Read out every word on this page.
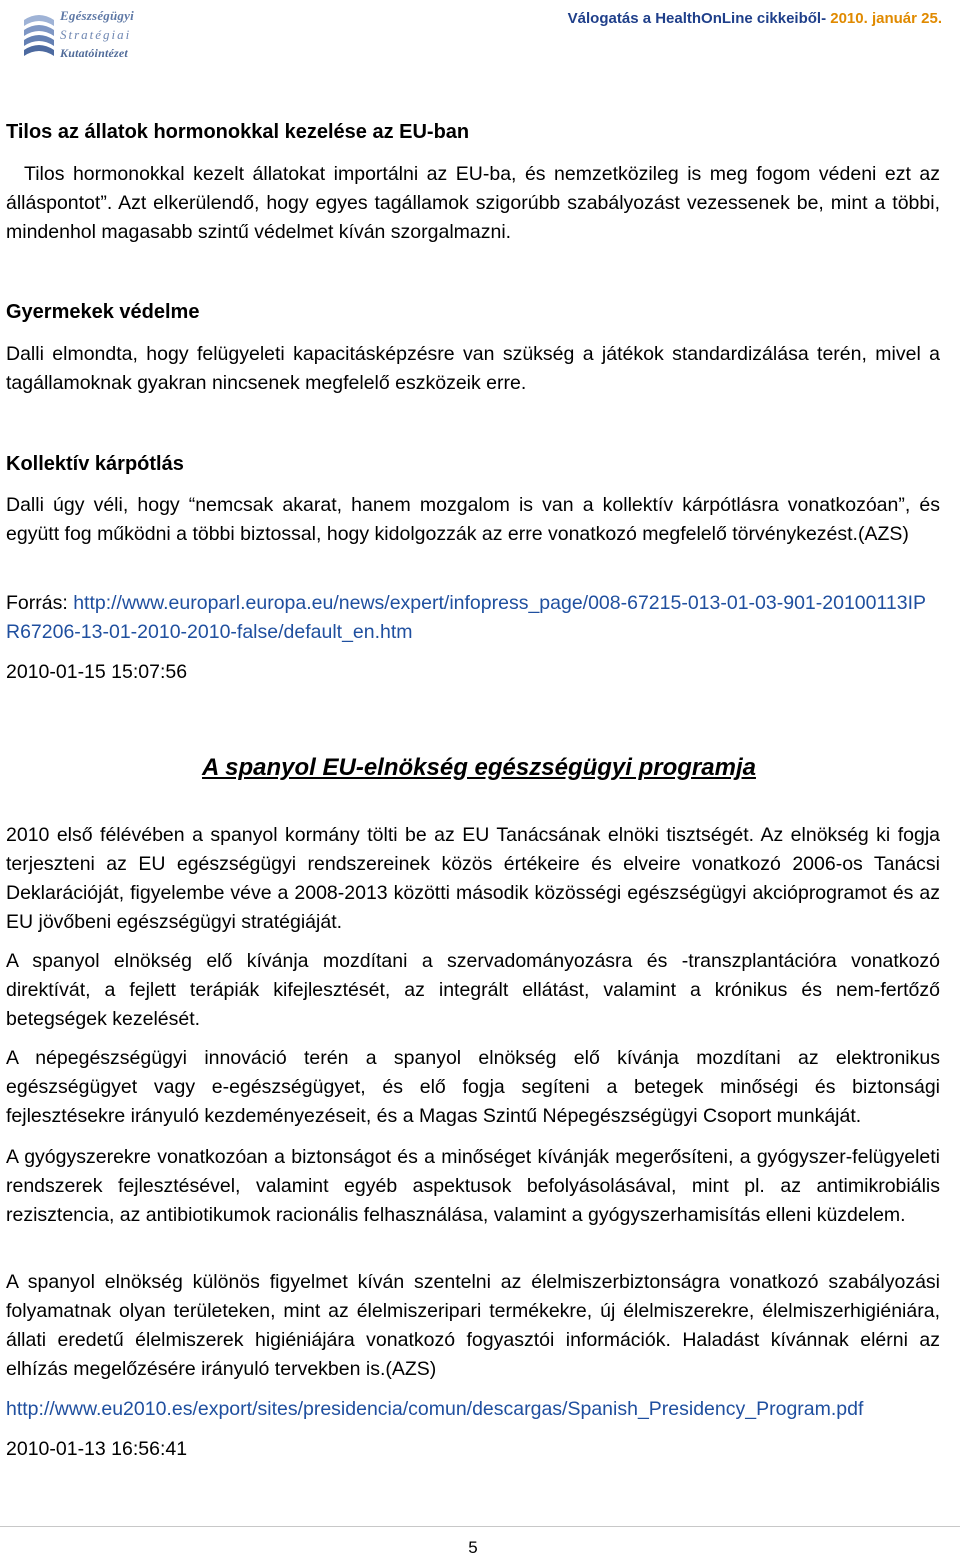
Egészségügyi
Stratégiai
Kutatóintézet
Válogatás a HealthOnLine cikkeiből- 2010. január 25.
Tilos az állatok hormonokkal kezelése az EU-ban
Tilos hormonokkal kezelt állatokat importálni az EU-ba, és nemzetközileg is meg fogom védeni ezt az álláspontot”. Azt elkerülendő, hogy egyes tagállamok szigorúbb szabályozást vezessenek be, mint a többi, mindenhol magasabb szintű védelmet kíván szorgalmazni.
Gyermekek védelme
Dalli elmondta, hogy felügyeleti kapacitásképzésre van szükség a játékok standardizálása terén, mivel a tagállamoknak gyakran nincsenek megfelelő eszközeik erre.
Kollektív kárpótlás
Dalli úgy véli, hogy “nemcsak akarat, hanem mozgalom is van a kollektív kárpótlásra vonatkozóan”, és együtt fog működni a többi biztossal, hogy kidolgozzák az erre vonatkozó megfelelő törvénykezést.(AZS)
Forrás: http://www.europarl.europa.eu/news/expert/infopress_page/008-67215-013-01-03-901-20100113IPR67206-13-01-2010-2010-false/default_en.htm
2010-01-15 15:07:56
A spanyol EU-elnökség egészségügyi programja
2010 első félévében a spanyol kormány tölti be az EU Tanácsának elnöki tisztségét. Az elnökség ki fogja terjeszteni az EU egészségügyi rendszereinek közös értékeire és elveire vonatkozó 2006-os Tanácsi Deklarációját, figyelembe véve a 2008-2013 közötti második közösségi egészségügyi akcióprogramot és az EU jövőbeni egészségügyi stratégiáját.
A spanyol elnökség elő kívánja mozdítani a szervadományozásra és -transzplantációra vonatkozó direktívát, a fejlett terápiák kifejlesztését, az integrált ellátást, valamint a krónikus és nem-fertőző betegségek kezelését.
A népegészségügyi innováció terén a spanyol elnökség elő kívánja mozdítani az elektronikus egészségügyet vagy e-egészségügyet, és elő fogja segíteni a betegek minőségi és biztonsági fejlesztésekre irányuló kezdeményezéseit, és a Magas Szintű Népegészségügyi Csoport munkáját.
A gyógyszerekre vonatkozóan a biztonságot és a minőséget kívánják megerősíteni, a gyógyszer-felügyeleti rendszerek fejlesztésével, valamint egyéb aspektusok befolyásolásával, mint pl. az antimikrobiális rezisztencia, az antibiotikumok racionális felhasználása, valamint a gyógyszerhamisítás elleni küzdelem.
A spanyol elnökség különös figyelmet kíván szentelni az élelmiszerbiztonságra vonatkozó szabályozási folyamatnak olyan területeken, mint az élelmiszeripari termékekre, új élelmiszerekre, élelmiszerhigiéniára, állati eredetű élelmiszerek higiéniájára vonatkozó fogyasztói információk. Haladást kívánnak elérni az elhízás megelőzésére irányuló tervekben is.(AZS)
http://www.eu2010.es/export/sites/presidencia/comun/descargas/Spanish_Presidency_Program.pdf
2010-01-13 16:56:41
5
